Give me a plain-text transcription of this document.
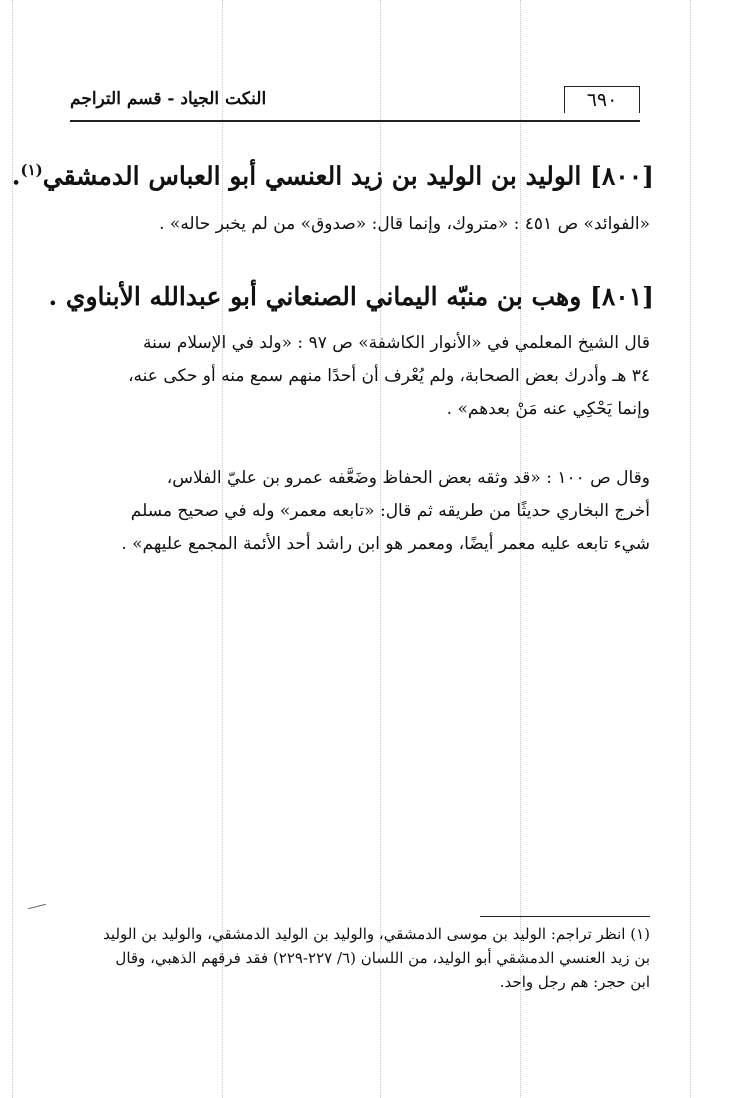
٦٩٠
النكت الجياد - قسم التراجم
[٨٠٠] الوليد بن الوليد بن زيد العنسي أبو العباس الدمشقي$^{(١)}$.
«الفوائد» ص ٤٥١ : «متروك، وإنما قال: «صدوق» من لم يخبر حاله» .
[٨٠١] وهب بن منبّه اليماني الصنعاني أبو عبدالله الأبناوي .
قال الشيخ المعلمي في «الأنوار الكاشفة» ص ٩٧ : «ولد في الإسلام سنة
٣٤ هـ وأدرك بعض الصحابة، ولم يُعْرف أن أحدًا منهم سمع منه أو حكى عنه،
وإنما يَحْكِي عنه مَنْ بعدهم» .
وقال ص ١٠٠ : «قد وثقه بعض الحفاظ وضَعَّفه عمرو بن عليّ الفلاس،
أخرج البخاري حديثًا من طريقه ثم قال: «تابعه معمر» وله في صحيح مسلم
شيء تابعه عليه معمر أيضًا، ومعمر هو ابن راشد أحد الأئمة المجمع عليهم» .
(١) انظر تراجم: الوليد بن موسى الدمشقي، والوليد بن الوليد الدمشقي، والوليد بن الوليد
بن زيد العنسي الدمشقي أبو الوليد، من اللسان (٦/ ٢٢٧-٢٢٩) فقد فرقهم الذهبي، وقال
ابن حجر: هم رجل واحد.
